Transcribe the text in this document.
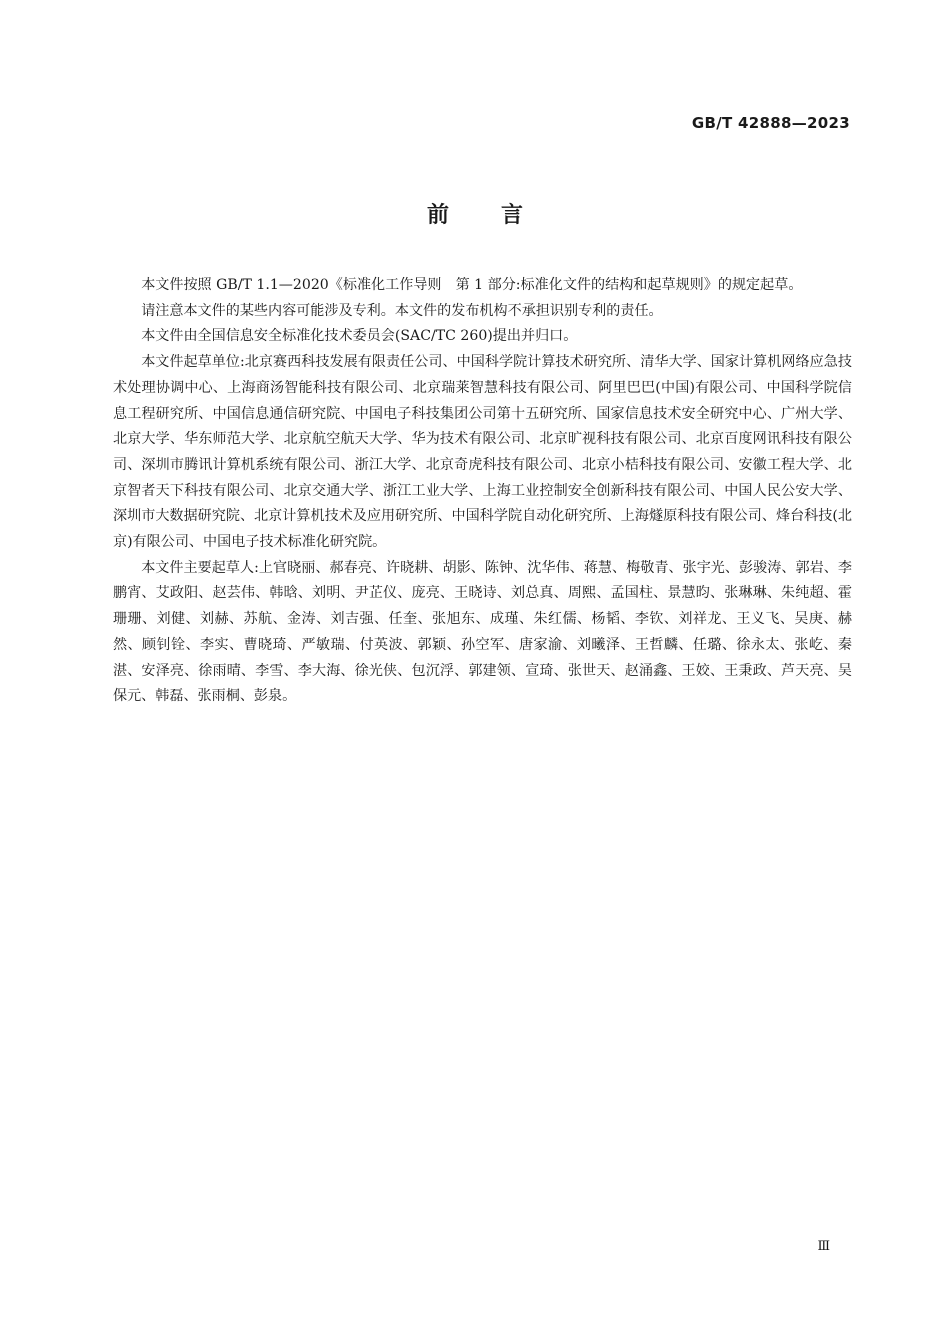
GB/T 42888—2023
前 言

本文件按照 GB/T 1.1—2020《标准化工作导则　第 1 部分:标准化文件的结构和起草规则》的规定起草。

请注意本文件的某些内容可能涉及专利。本文件的发布机构不承担识别专利的责任。

本文件由全国信息安全标准化技术委员会(SAC/TC 260)提出并归口。

本文件起草单位:北京赛西科技发展有限责任公司、中国科学院计算技术研究所、清华大学、国家计算机网络应急技术处理协调中心、上海商汤智能科技有限公司、北京瑞莱智慧科技有限公司、阿里巴巴(中国)有限公司、中国科学院信息工程研究所、中国信息通信研究院、中国电子科技集团公司第十五研究所、国家信息技术安全研究中心、广州大学、北京大学、华东师范大学、北京航空航天大学、华为技术有限公司、北京旷视科技有限公司、北京百度网讯科技有限公司、深圳市腾讯计算机系统有限公司、浙江大学、北京奇虎科技有限公司、北京小桔科技有限公司、安徽工程大学、北京智者天下科技有限公司、北京交通大学、浙江工业大学、上海工业控制安全创新科技有限公司、中国人民公安大学、深圳市大数据研究院、北京计算机技术及应用研究所、中国科学院自动化研究所、上海燧原科技有限公司、烽台科技(北京)有限公司、中国电子技术标准化研究院。

本文件主要起草人:上官晓丽、郝春亮、许晓耕、胡影、陈钟、沈华伟、蒋慧、梅敬青、张宇光、彭骏涛、郭岩、李鹏宵、艾政阳、赵芸伟、韩晗、刘明、尹芷仪、庞亮、王晓诗、刘总真、周熙、孟国柱、景慧昀、张琳琳、朱纯超、霍珊珊、刘健、刘赫、苏航、金涛、刘吉强、任奎、张旭东、成瑾、朱红儒、杨韬、李钦、刘祥龙、王义飞、吴庚、赫然、顾钊铨、李实、曹晓琦、严敏瑞、付英波、郭颖、孙空军、唐家渝、刘曦泽、王哲麟、任璐、徐永太、张屹、秦湛、安泽亮、徐雨晴、李雪、李大海、徐光侠、包沉浮、郭建领、宣琦、张世天、赵涌鑫、王姣、王秉政、芦天亮、吴保元、韩磊、张雨桐、彭泉。

Ⅲ
